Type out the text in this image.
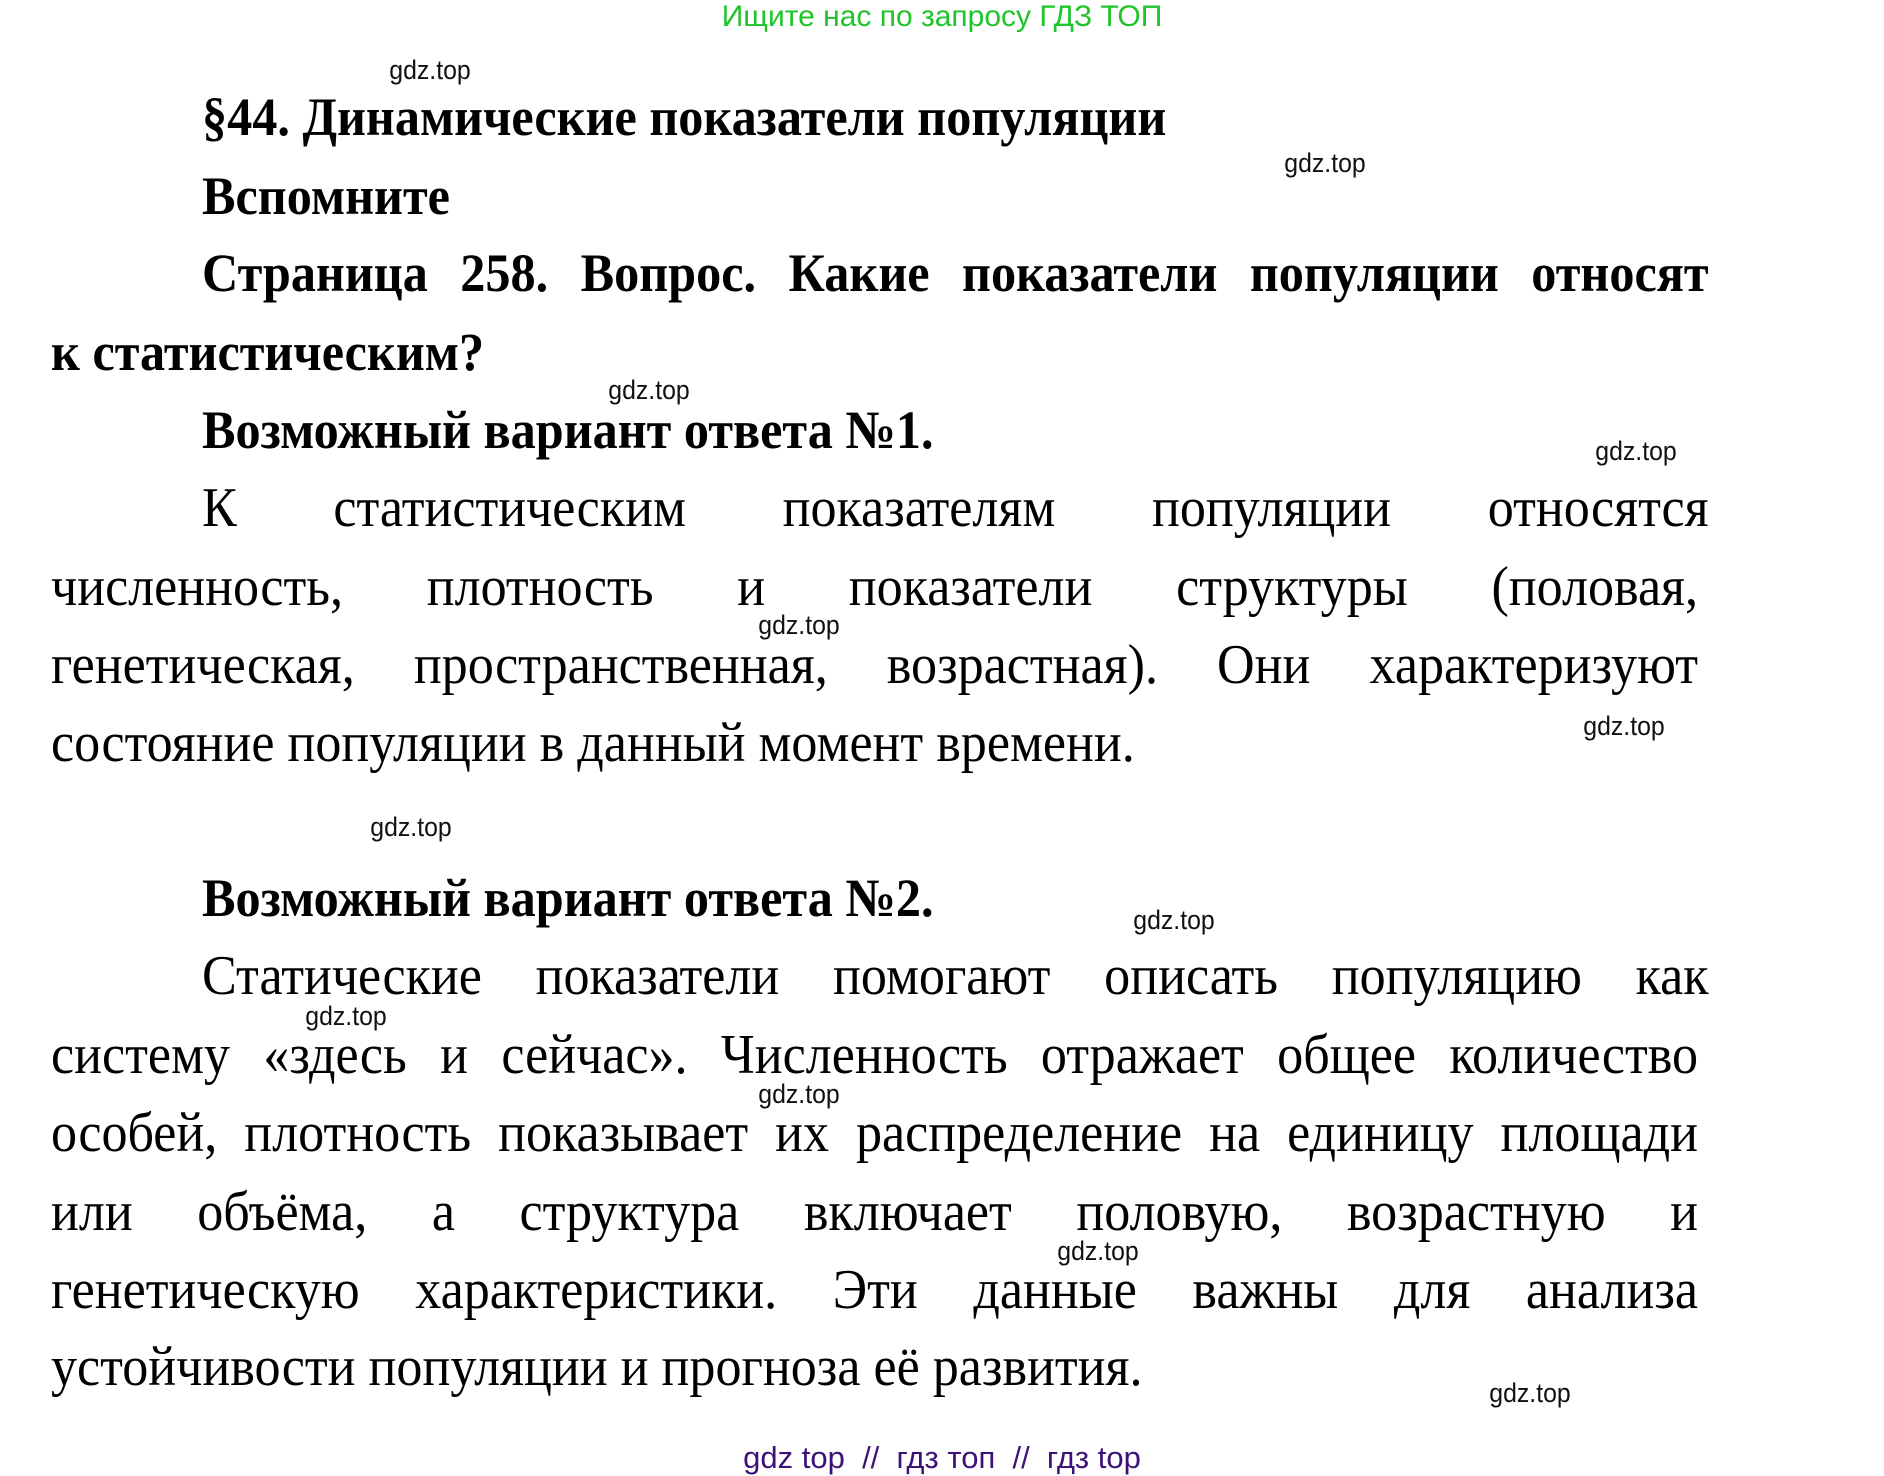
Ищите нас по запросу ГДЗ ТОП
§44. Динамические показатели популяции
Вспомните
Страница 258. Вопрос. Какие показатели популяции относят
к статистическим?
Возможный вариант ответа №1.
К статистическим показателям популяции относятся
численность, плотность и показатели структуры (половая,
генетическая, пространственная, возрастная). Они характеризуют
состояние популяции в данный момент времени.
Возможный вариант ответа №2.
Статические показатели помогают описать популяцию как
систему «здесь и сейчас». Численность отражает общее количество
особей, плотность показывает их распределение на единицу площади
или объёма, а структура включает половую, возрастную и
генетическую характеристики. Эти данные важны для анализа
устойчивости популяции и прогноза её развития.
gdz.top
gdz.top
gdz.top
gdz.top
gdz.top
gdz.top
gdz.top
gdz.top
gdz.top
gdz.top
gdz.top
gdz.top
gdz top  //  гдз топ  //  гдз top
